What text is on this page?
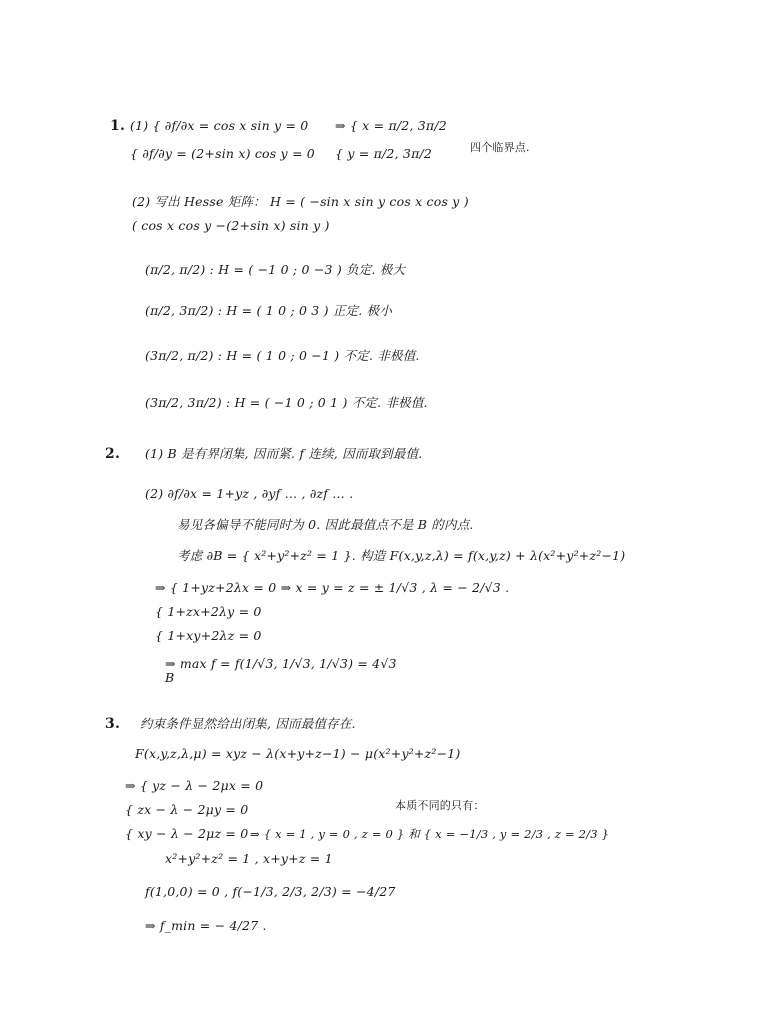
1. (1) { ∂f/∂x = cos x sin y = 0
{ ∂f/∂y = (2+sin x) cos y = 0
⇒ { x = π/2, 3π/2
{ y = π/2, 3π/2	四个临界点.
(2) 写出 Hesse 矩阵： H = ( −sin x sin y cos x cos y )
( cos x cos y −(2+sin x) sin y )
(π/2, π/2) : H = ( −1 0 ; 0 −3 ) 负定. 极大
(π/2, 3π/2) : H = ( 1 0 ; 0 3 ) 正定. 极小
(3π/2, π/2) : H = ( 1 0 ; 0 −1 ) 不定. 非极值.
(3π/2, 3π/2) : H = ( −1 0 ; 0 1 ) 不定. 非极值.
2. (1) B 是有界闭集, 因而紧. f 连续, 因而取到最值.
(2) ∂f/∂x = 1+yz , ∂yf … , ∂zf … .
易见各偏导不能同时为 0. 因此最值点不是 B 的内点.
考虑 ∂B = { x²+y²+z² = 1 }. 构造 F(x,y,z,λ) = f(x,y,z) + λ(x²+y²+z²−1)
⇒ { 1+yz+2λx = 0 ⇒ x = y = z = ± 1/√3 , λ = − 2/√3 .
{ 1+zx+2λy = 0
{ 1+xy+2λz = 0
⇒ max f = f(1/√3, 1/√3, 1/√3) = 4√3
B
3. 约束条件显然给出闭集, 因而最值存在.
F(x,y,z,λ,μ) = xyz − λ(x+y+z−1) − μ(x²+y²+z²−1)
⇒ { yz − λ − 2μx = 0
{ zx − λ − 2μy = 0
{ xy − λ − 2μz = 0
x²+y²+z² = 1 , x+y+z = 1
本质不同的只有：
⇒ { x = 1 , y = 0 , z = 0 } 和 { x = −1/3 , y = 2/3 , z = 2/3 }
f(1,0,0) = 0 , f(−1/3, 2/3, 2/3) = −4/27
⇒ f_min = − 4/27 .
